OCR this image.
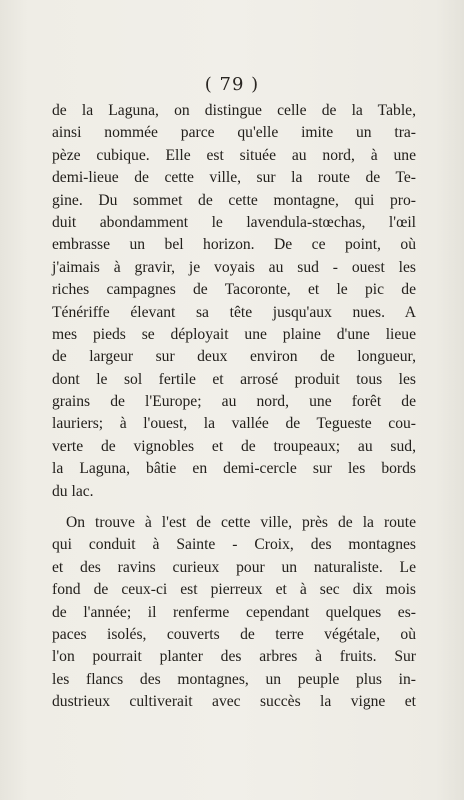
( 79 )
de la Laguna, on distingue celle de la Table,
ainsi nommée parce qu'elle imite un tra-
pèze cubique. Elle est située au nord, à une
demi-lieue de cette ville, sur la route de Te-
gine. Du sommet de cette montagne, qui pro-
duit abondamment le lavendula-stœchas, l'œil
embrasse un bel horizon. De ce point, où
j'aimais à gravir, je voyais au sud - ouest les
riches campagnes de Tacoronte, et le pic de
Ténériffe élevant sa tête jusqu'aux nues. A
mes pieds se déployait une plaine d'une lieue
de largeur sur deux environ de longueur,
dont le sol fertile et arrosé produit tous les
grains de l'Europe; au nord, une forêt de
lauriers; à l'ouest, la vallée de Tegueste cou-
verte de vignobles et de troupeaux; au sud,
la Laguna, bâtie en demi-cercle sur les bords
du lac.
On trouve à l'est de cette ville, près de la route
qui conduit à Sainte - Croix, des montagnes
et des ravins curieux pour un naturaliste. Le
fond de ceux-ci est pierreux et à sec dix mois
de l'année; il renferme cependant quelques es-
paces isolés, couverts de terre végétale, où
l'on pourrait planter des arbres à fruits. Sur
les flancs des montagnes, un peuple plus in-
dustrieux cultiverait avec succès la vigne et
